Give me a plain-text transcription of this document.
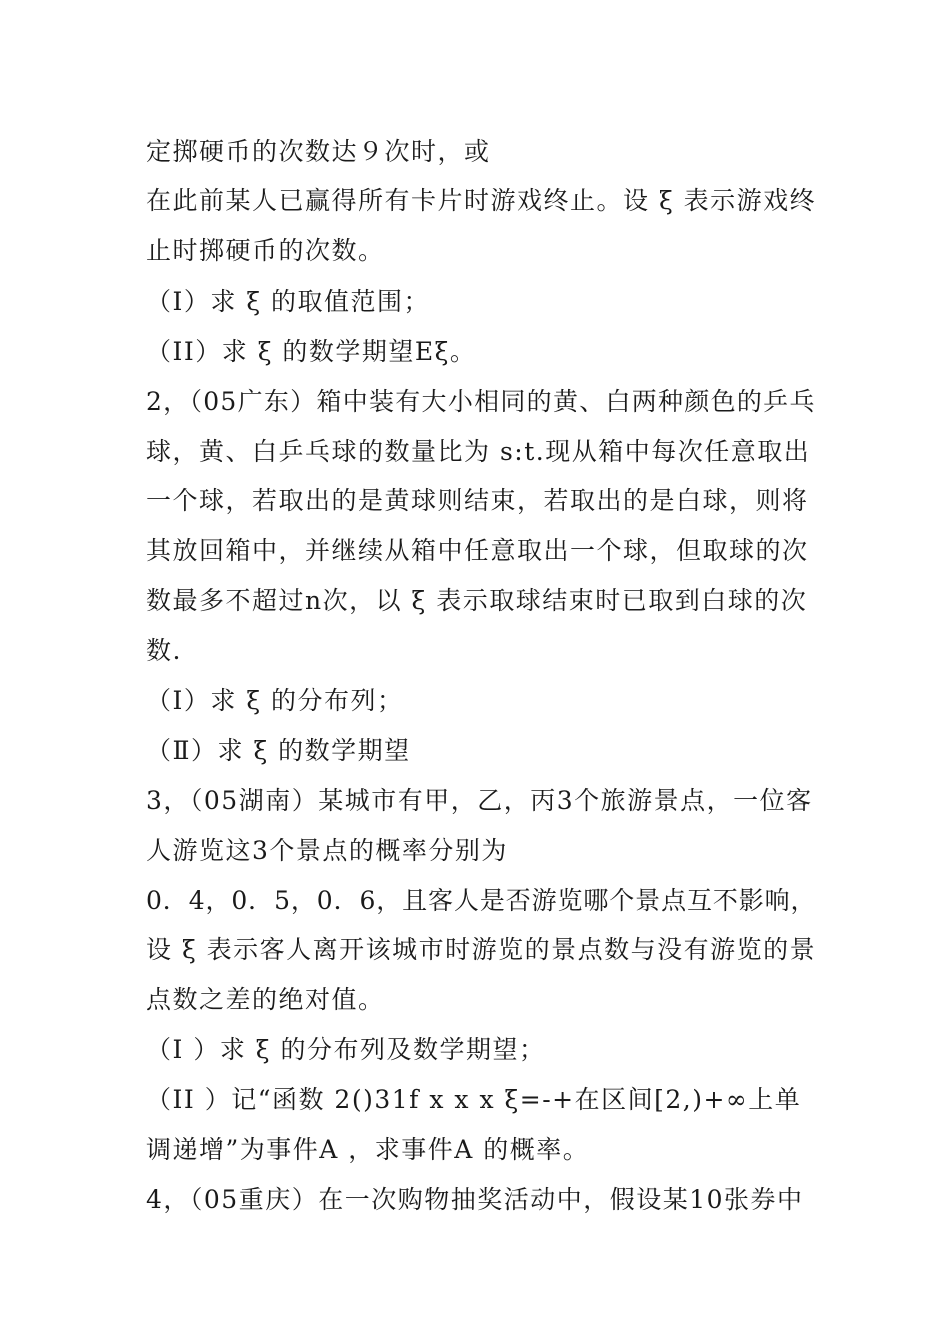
定掷硬币的次数达９次时，或
在此前某人已赢得所有卡片时游戏终止。设 ξ 表示游戏终
止时掷硬币的次数。
（I）求 ξ 的取值范围；
（II）求 ξ 的数学期望Eξ。
2，（05广东）箱中装有大小相同的黄、白两种颜色的乒乓
球，黄、白乒乓球的数量比为 s:t.现从箱中每次任意取出
一个球，若取出的是黄球则结束，若取出的是白球，则将
其放回箱中，并继续从箱中任意取出一个球，但取球的次
数最多不超过n次，以 ξ 表示取球结束时已取到白球的次
数.
（Ⅰ）求 ξ 的分布列；
（Ⅱ）求 ξ 的数学期望
3，（05湖南）某城市有甲，乙，丙3个旅游景点，一位客
人游览这3个景点的概率分别为
0．4，0．5，0．6，且客人是否游览哪个景点互不影响，
设 ξ 表示客人离开该城市时游览的景点数与没有游览的景
点数之差的绝对值。
（I ）求 ξ 的分布列及数学期望；
（II ）记“函数 2()31f x x x ξ=-+在区间[2,)+∞上单
调递增”为事件A ，求事件A 的概率。
4，（05重庆）在一次购物抽奖活动中，假设某10张券中
